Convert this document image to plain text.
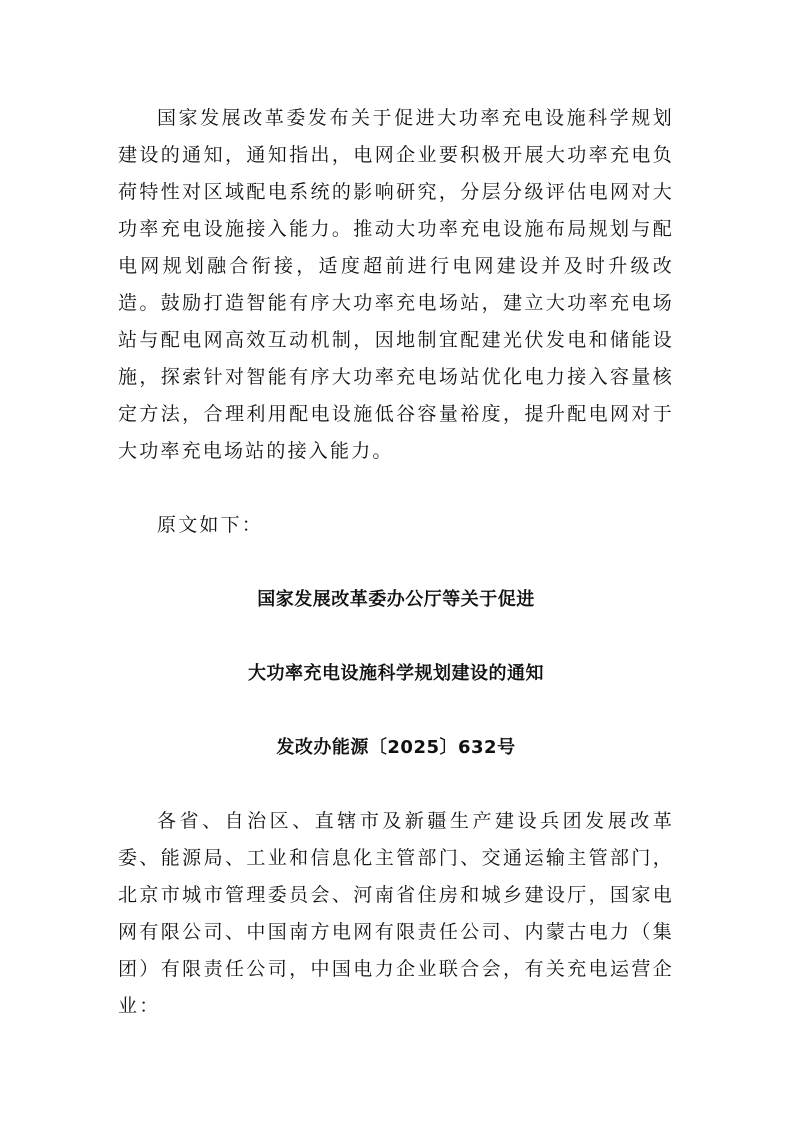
国家发展改革委发布关于促进大功率充电设施科学规划建设的通知，通知指出，电网企业要积极开展大功率充电负荷特性对区域配电系统的影响研究，分层分级评估电网对大功率充电设施接入能力。推动大功率充电设施布局规划与配电网规划融合衔接，适度超前进行电网建设并及时升级改造。鼓励打造智能有序大功率充电场站，建立大功率充电场站与配电网高效互动机制，因地制宜配建光伏发电和储能设施，探索针对智能有序大功率充电场站优化电力接入容量核定方法，合理利用配电设施低谷容量裕度，提升配电网对于大功率充电场站的接入能力。

原文如下：

国家发展改革委办公厅等关于促进

大功率充电设施科学规划建设的通知

发改办能源〔2025〕632号

各省、自治区、直辖市及新疆生产建设兵团发展改革委、能源局、工业和信息化主管部门、交通运输主管部门，北京市城市管理委员会、河南省住房和城乡建设厅，国家电网有限公司、中国南方电网有限责任公司、内蒙古电力（集团）有限责任公司，中国电力企业联合会，有关充电运营企业：
